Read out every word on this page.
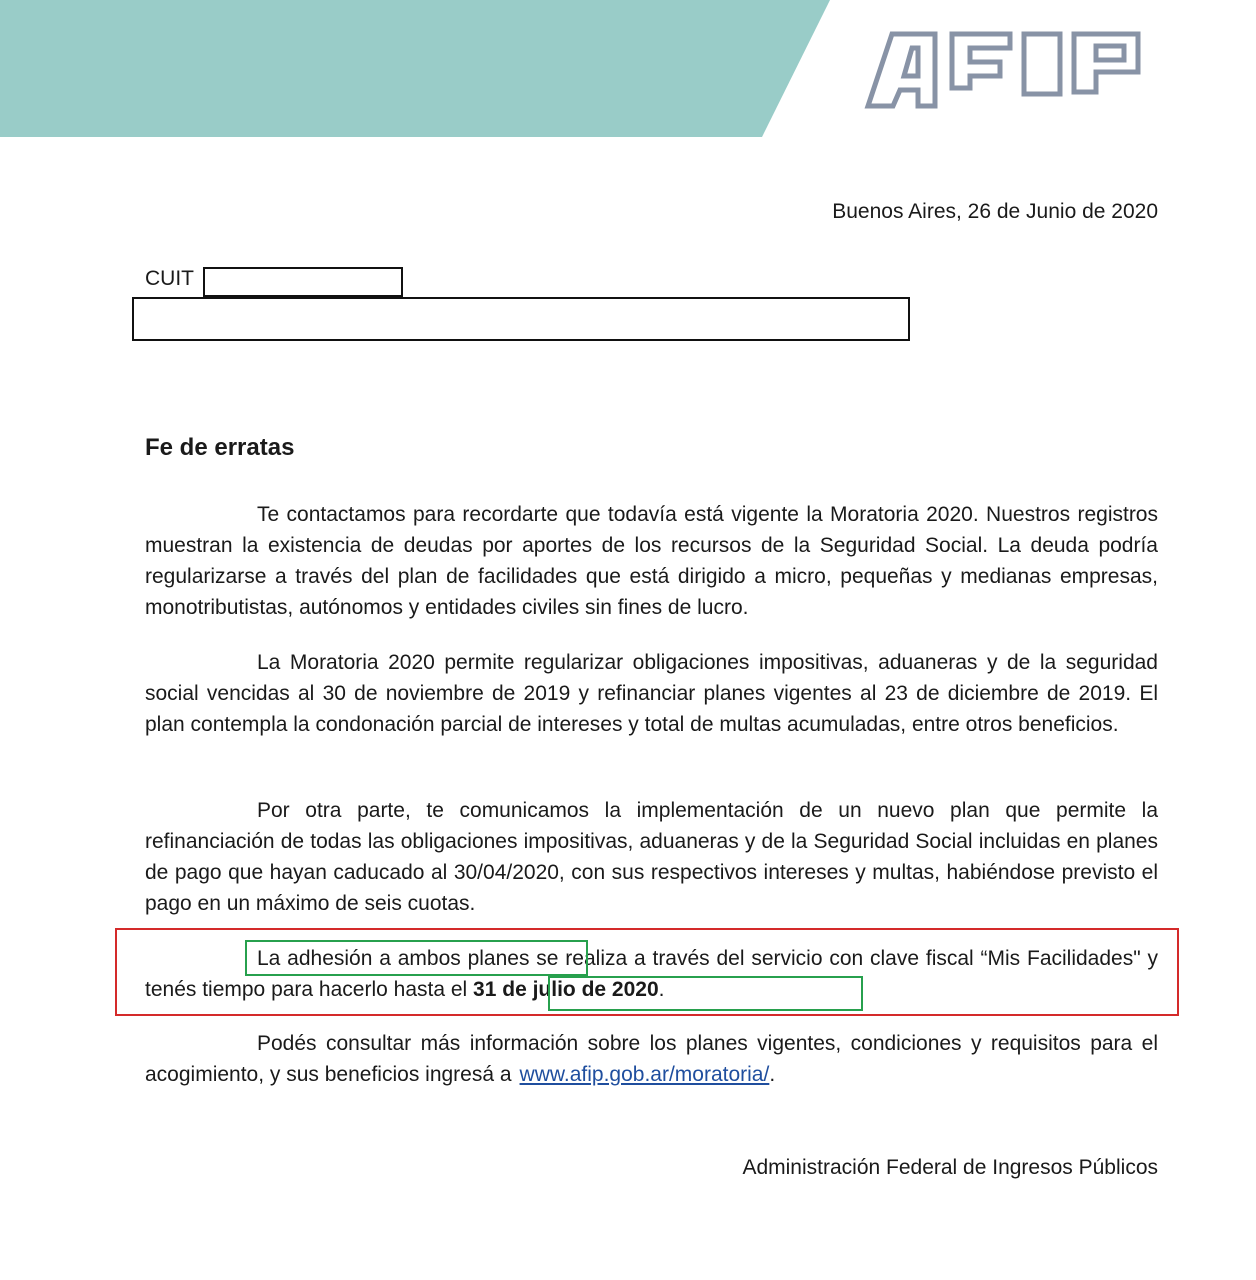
Buenos Aires, 26 de Junio de 2020
CUIT
Fe de erratas

Te contactamos para recordarte que todavía está vigente la Moratoria 2020. Nuestros registros muestran la existencia de deudas por aportes de los recursos de la Seguridad Social. La deuda podría regularizarse a través del plan de facilidades que está dirigido a micro, pequeñas y medianas empresas, monotributistas, autónomos y entidades civiles sin fines de lucro.

La Moratoria 2020 permite regularizar obligaciones impositivas, aduaneras y de la seguridad social vencidas al 30 de noviembre de 2019 y refinanciar planes vigentes al 23 de diciembre de 2019. El plan contempla la condonación parcial de intereses y total de multas acumuladas, entre otros beneficios.

Por otra parte, te comunicamos la implementación de un nuevo plan que permite la refinanciación de todas las obligaciones impositivas, aduaneras y de la Seguridad Social incluidas en planes de pago que hayan caducado al 30/04/2020, con sus respectivos intereses y multas, habiéndose previsto el pago en un máximo de seis cuotas.

La adhesión a ambos planes se realiza a través del servicio con clave fiscal “Mis Facilidades" y tenés tiempo para hacerlo hasta el 31 de julio de 2020.

Podés consultar más información sobre los planes vigentes, condiciones y requisitos para el acogimiento, y sus beneficios ingresá a www.afip.gob.ar/moratoria/.

Administración Federal de Ingresos Públicos
